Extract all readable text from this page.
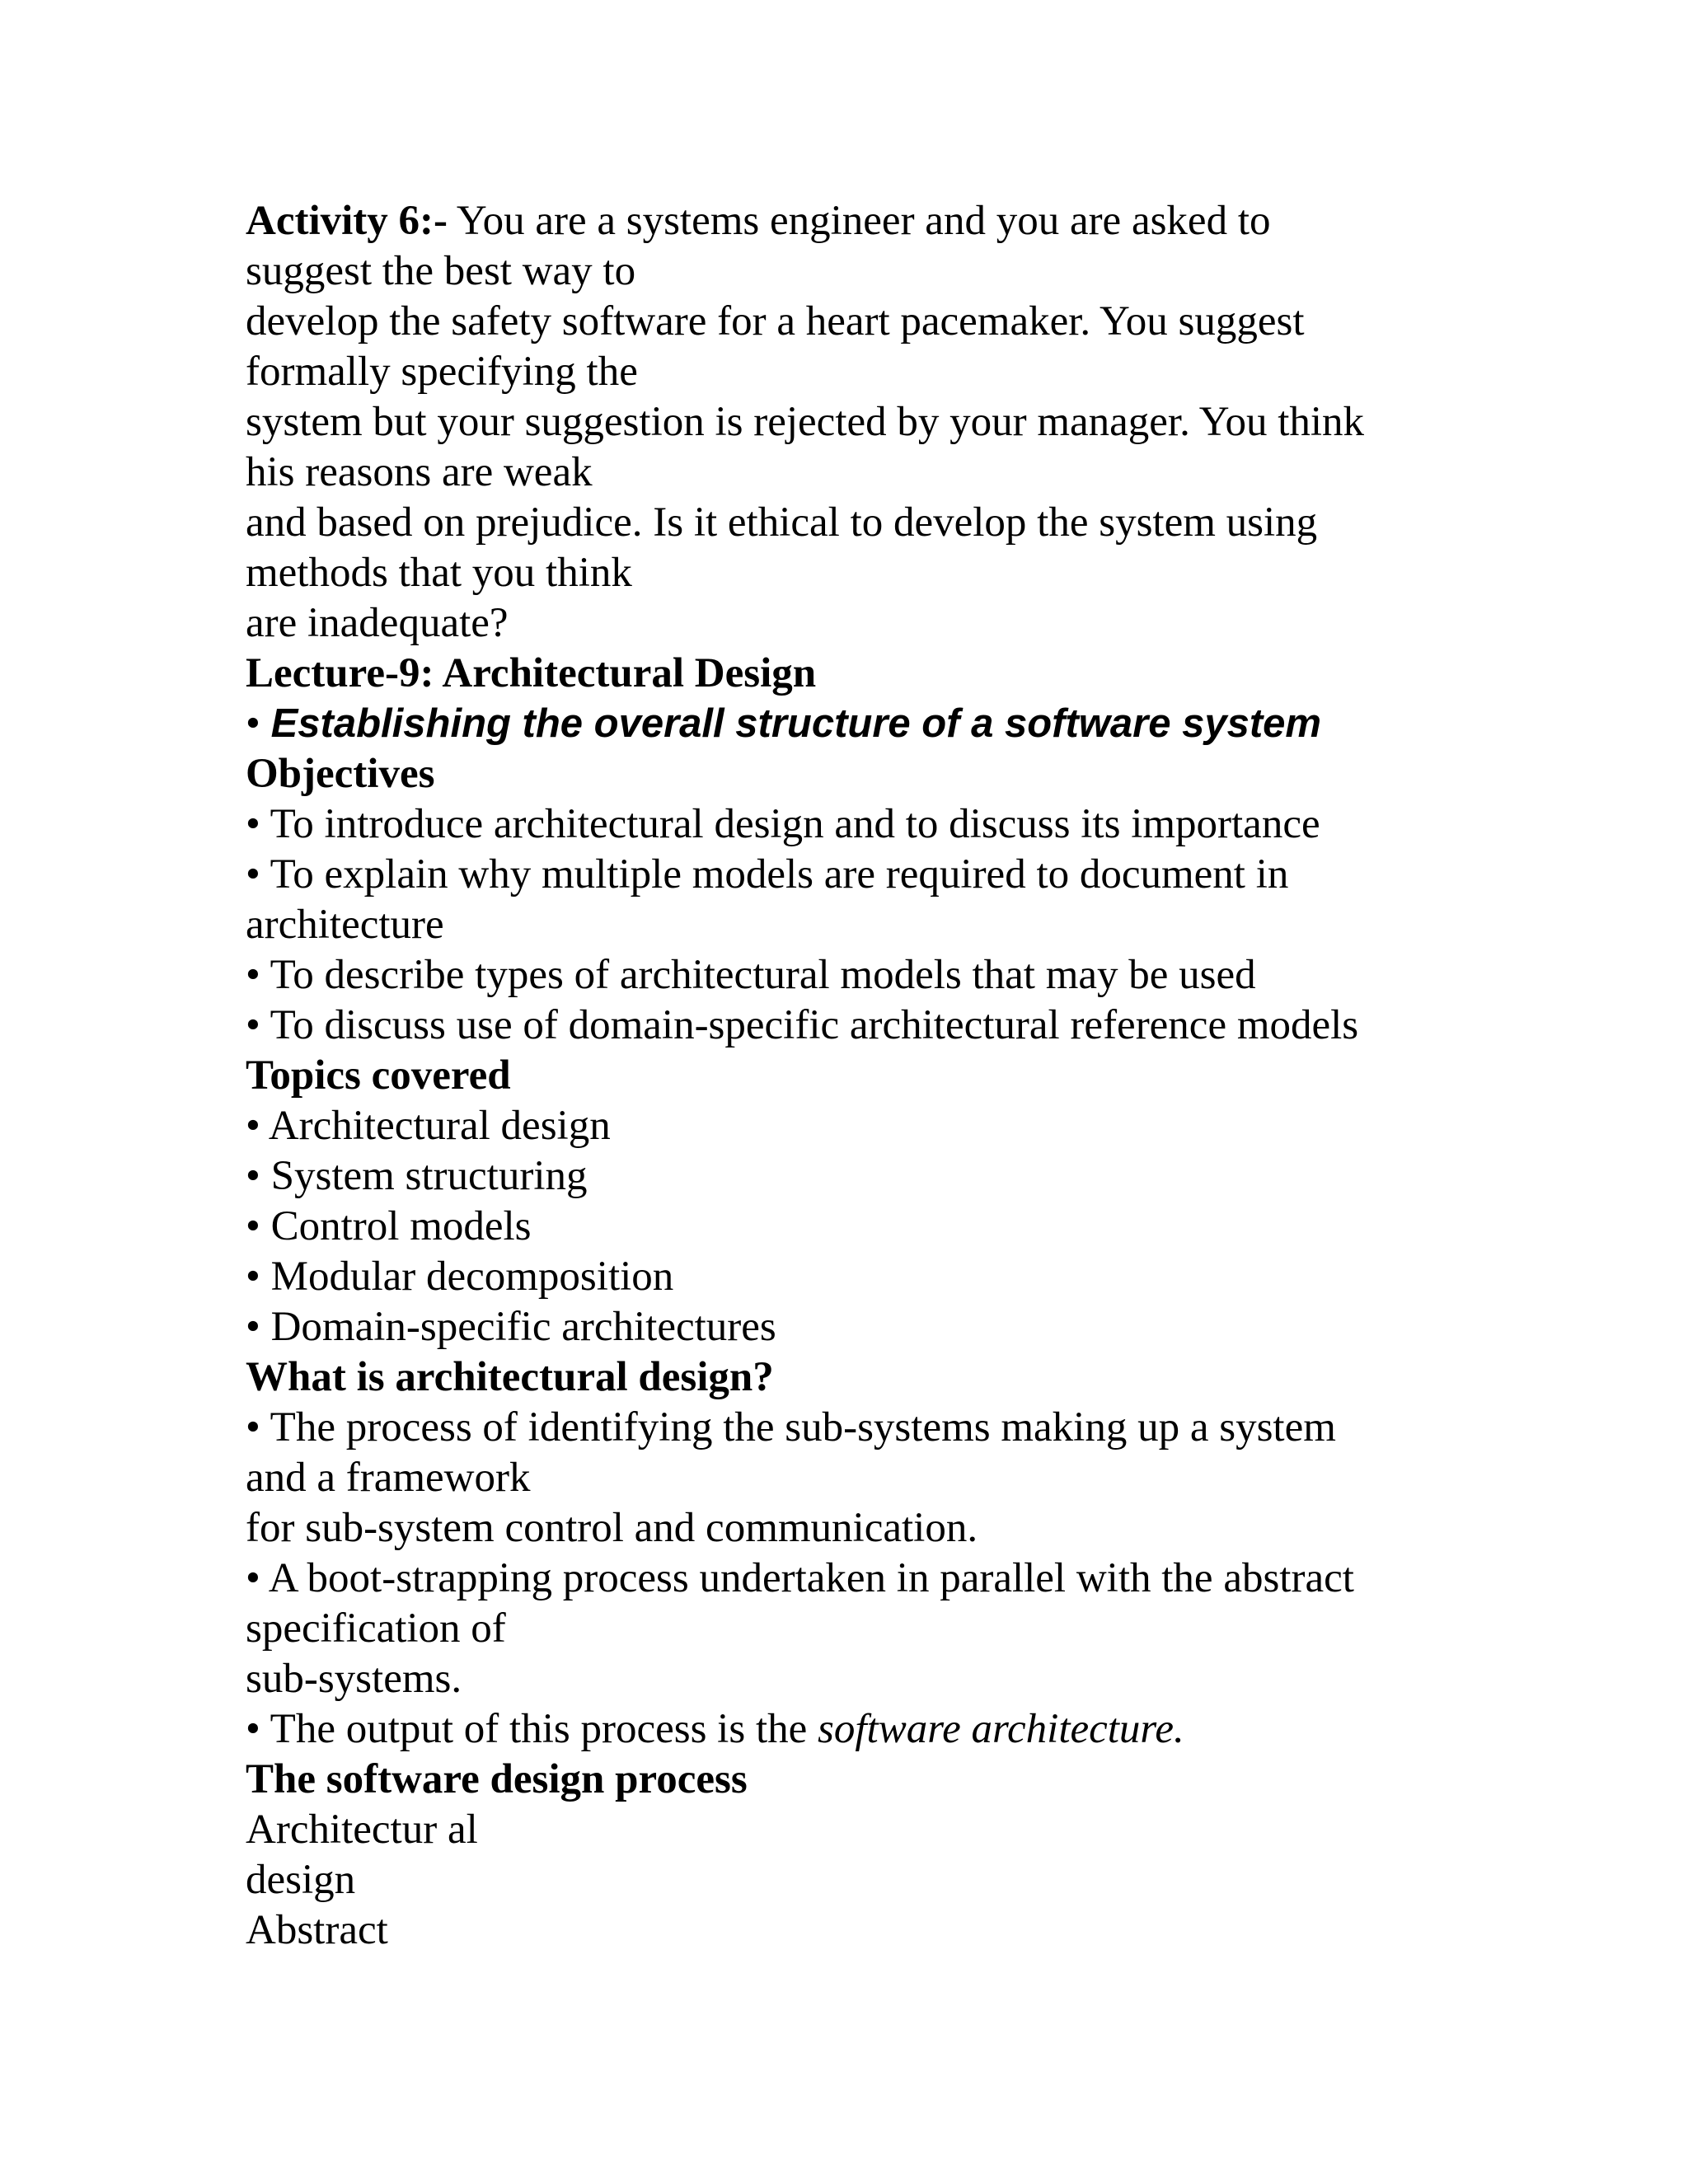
Activity 6:- You are a systems engineer and you are asked to
suggest the best way to
develop the safety software for a heart pacemaker. You suggest
formally specifying the
system but your suggestion is rejected by your manager. You think
his reasons are weak
and based on prejudice. Is it ethical to develop the system using
methods that you think
are inadequate?
Lecture-9: Architectural Design
• Establishing the overall structure of a software system
Objectives
• To introduce architectural design and to discuss its importance
• To explain why multiple models are required to document in
architecture
• To describe types of architectural models that may be used
• To discuss use of domain-specific architectural reference models
Topics covered
• Architectural design
• System structuring
• Control models
• Modular decomposition
• Domain-specific architectures
What is architectural design?
• The process of identifying the sub-systems making up a system
and a framework
for sub-system control and communication.
• A boot-strapping process undertaken in parallel with the abstract
specification of
sub-systems.
• The output of this process is the software architecture.
The software design process
Architectur al
design
Abstract
